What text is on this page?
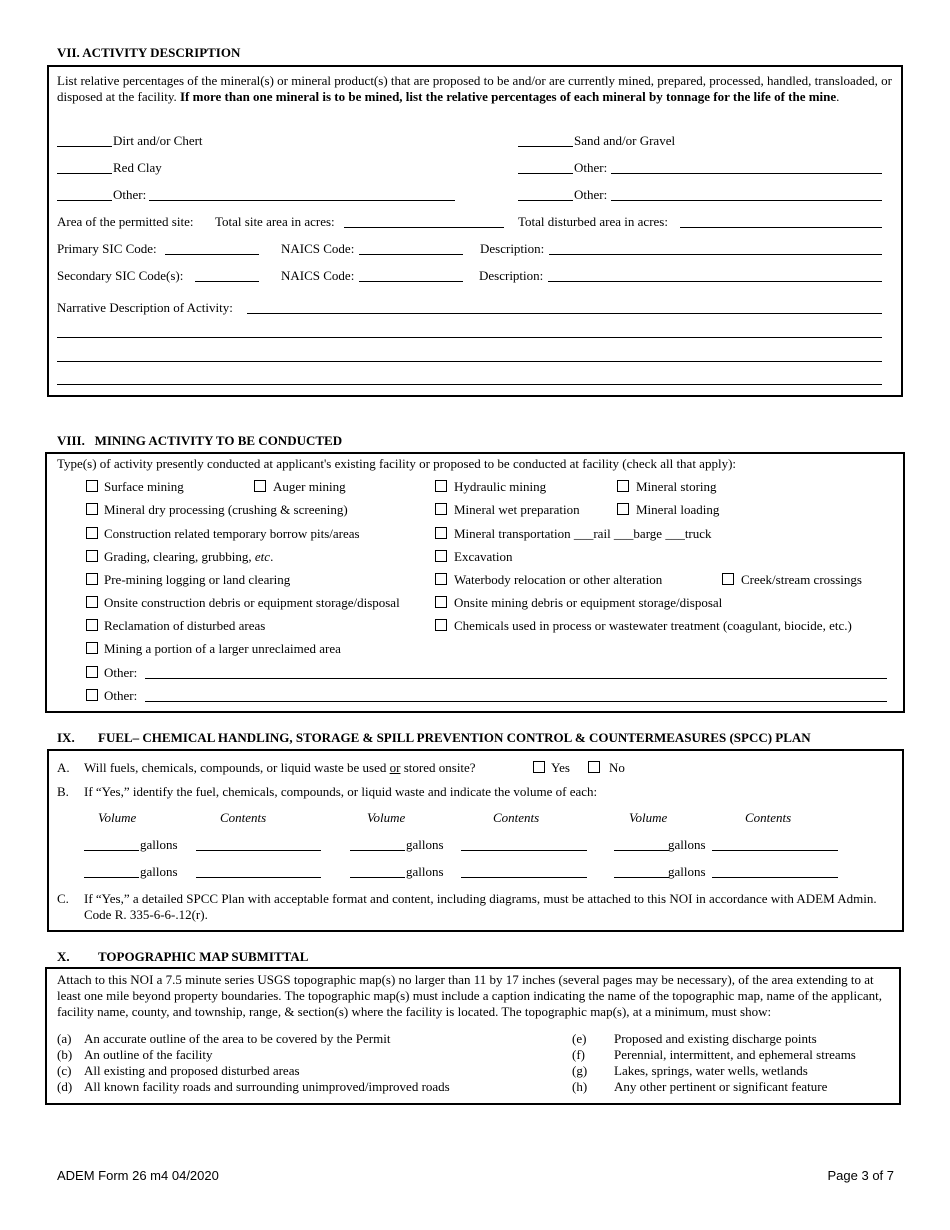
VII. ACTIVITY DESCRIPTION
List relative percentages of the mineral(s) or mineral product(s) that are proposed to be and/or are currently mined, prepared, processed, handled, transloaded, or disposed at the facility. If more than one mineral is to be mined, list the relative percentages of each mineral by tonnage for the life of the mine.
Dirt and/or Chert	Sand and/or Gravel
Red Clay	Other:
Other:	Other:
Area of the permitted site: Total site area in acres:	Total disturbed area in acres:
Primary SIC Code:	NAICS Code:	Description:
Secondary SIC Code(s):	NAICS Code:	Description:
Narrative Description of Activity:
VIII.   MINING ACTIVITY TO BE CONDUCTED
Type(s) of activity presently conducted at applicant's existing facility or proposed to be conducted at facility (check all that apply):
Surface mining	Auger mining	Hydraulic mining	Mineral storing
Mineral dry processing (crushing & screening)	Mineral wet preparation	Mineral loading
Construction related temporary borrow pits/areas	Mineral transportation ___rail ___barge ___truck
Grading, clearing, grubbing, etc.	Excavation
Pre-mining logging or land clearing	Waterbody relocation or other alteration	Creek/stream crossings
Onsite construction debris or equipment storage/disposal	Onsite mining debris or equipment storage/disposal
Reclamation of disturbed areas	Chemicals used in process or wastewater treatment (coagulant, biocide, etc.)
Mining a portion of a larger unreclaimed area
Other:
Other:
IX. FUEL– CHEMICAL HANDLING, STORAGE & SPILL PREVENTION CONTROL & COUNTERMEASURES (SPCC) PLAN
A. Will fuels, chemicals, compounds, or liquid waste be used or stored onsite?	Yes	No
B. If “Yes,” identify the fuel, chemicals, compounds, or liquid waste and indicate the volume of each:
Volume	Contents	Volume	Contents	Volume	Contents
gallons	gallons	gallons
gallons	gallons	gallons
C. If “Yes,” a detailed SPCC Plan with acceptable format and content, including diagrams, must be attached to this NOI in accordance with ADEM Admin. Code R. 335-6-6-.12(r).
X. TOPOGRAPHIC MAP SUBMITTAL
Attach to this NOI a 7.5 minute series USGS topographic map(s) no larger than 11 by 17 inches (several pages may be necessary), of the area extending to at least one mile beyond property boundaries. The topographic map(s) must include a caption indicating the name of the topographic map, name of the applicant, facility name, county, and township, range, & section(s) where the facility is located. The topographic map(s), at a minimum, must show:
(a) An accurate outline of the area to be covered by the Permit
(b) An outline of the facility
(c) All existing and proposed disturbed areas
(d) All known facility roads and surrounding unimproved/improved roads
(e) Proposed and existing discharge points
(f) Perennial, intermittent, and ephemeral streams
(g) Lakes, springs, water wells, wetlands
(h) Any other pertinent or significant feature
ADEM Form 26 m4 04/2020	Page 3 of 7
